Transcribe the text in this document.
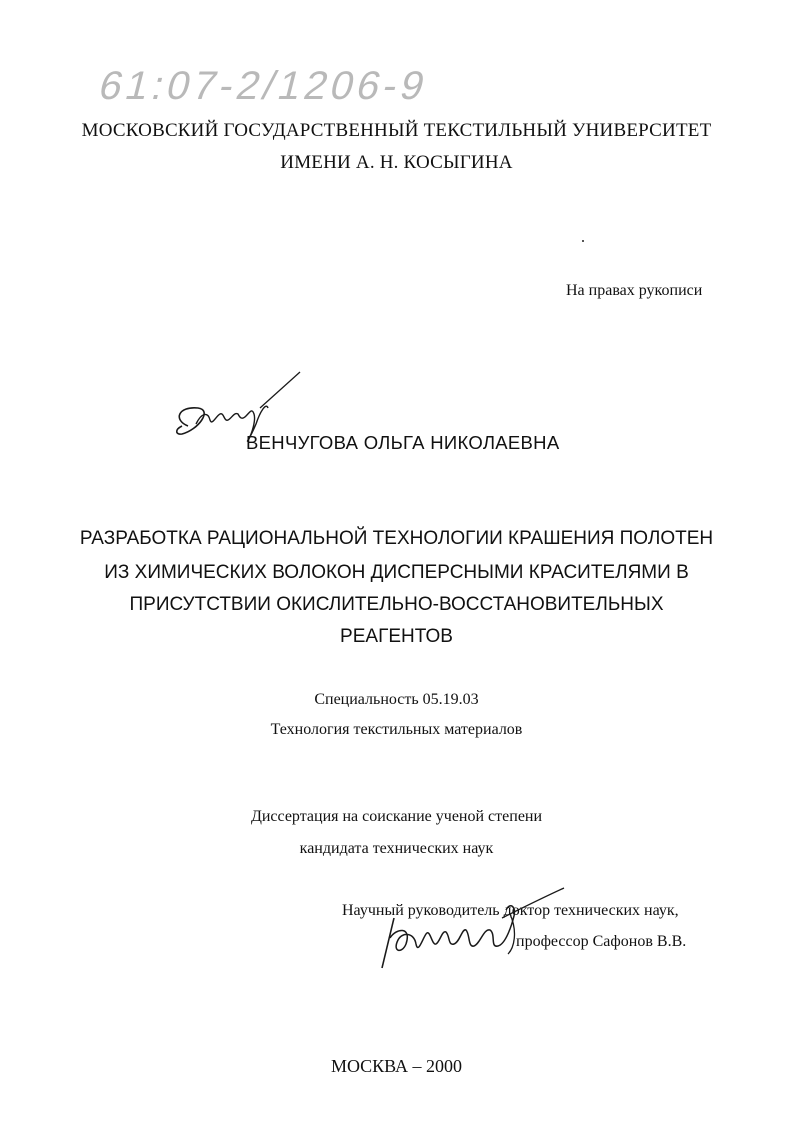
61:07-2/1206-9
МОСКОВСКИЙ ГОСУДАРСТВЕННЫЙ ТЕКСТИЛЬНЫЙ УНИВЕРСИТЕТ
ИМЕНИ А. Н. КОСЫГИНА
На правах рукописи
ВЕНЧУГОВА ОЛЬГА НИКОЛАЕВНА
РАЗРАБОТКА РАЦИОНАЛЬНОЙ ТЕХНОЛОГИИ КРАШЕНИЯ ПОЛОТЕН
ИЗ ХИМИЧЕСКИХ ВОЛОКОН ДИСПЕРСНЫМИ КРАСИТЕЛЯМИ В
ПРИСУТСТВИИ ОКИСЛИТЕЛЬНО-ВОССТАНОВИТЕЛЬНЫХ
РЕАГЕНТОВ
Специальность 05.19.03
Технология текстильных материалов
Диссертация на соискание ученой степени
кандидата технических наук
Научный руководитель доктор технических наук,
профессор Сафонов В.В.
МОСКВА – 2000
